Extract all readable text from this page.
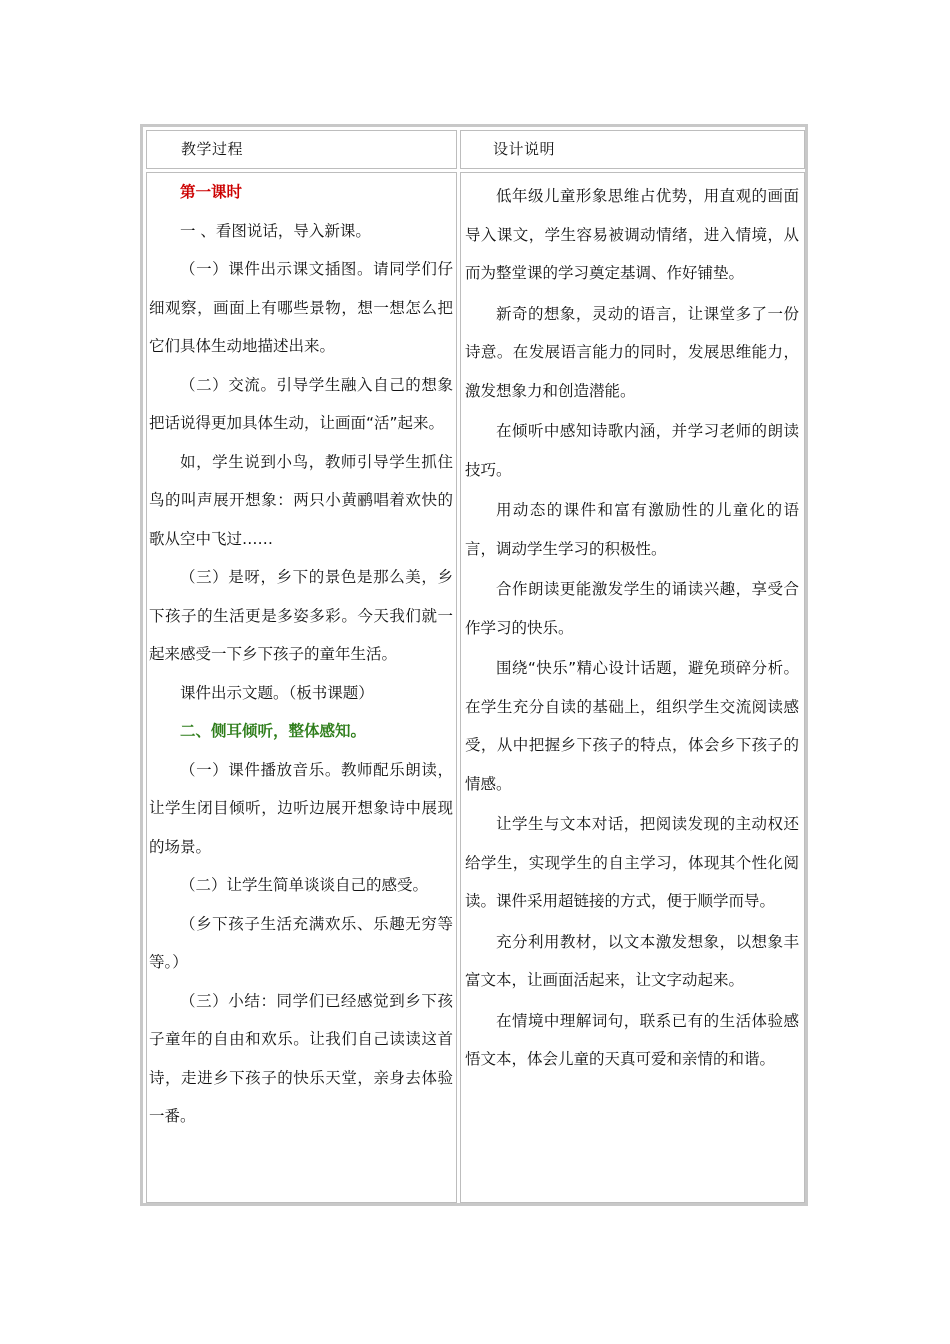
教学过程	设计说明

第一课时

一 、看图说话，导入新课。

（一）课件出示课文插图。请同学们仔细观察，画面上有哪些景物，想一想怎么把它们具体生动地描述出来。

（二）交流。引导学生融入自己的想象把话说得更加具体生动，让画面“活”起来。

如，学生说到小鸟，教师引导学生抓住鸟的叫声展开想象：两只小黄鹂唱着欢快的歌从空中飞过……

（三）是呀，乡下的景色是那么美，乡下孩子的生活更是多姿多彩。今天我们就一起来感受一下乡下孩子的童年生活。

课件出示文题。（板书课题）

二、侧耳倾听，整体感知。

（一）课件播放音乐。教师配乐朗读，让学生闭目倾听，边听边展开想象诗中展现的场景。

（二）让学生简单谈谈自己的感受。

（乡下孩子生活充满欢乐、乐趣无穷等等。）

（三）小结：同学们已经感觉到乡下孩子童年的自由和欢乐。让我们自己读读这首诗，走进乡下孩子的快乐天堂，亲身去体验一番。

低年级儿童形象思维占优势，用直观的画面导入课文，学生容易被调动情绪，进入情境，从而为整堂课的学习奠定基调、作好铺垫。

新奇的想象，灵动的语言，让课堂多了一份诗意。在发展语言能力的同时，发展思维能力，激发想象力和创造潜能。

在倾听中感知诗歌内涵，并学习老师的朗读技巧。

用动态的课件和富有激励性的儿童化的语言，调动学生学习的积极性。

合作朗读更能激发学生的诵读兴趣，享受合作学习的快乐。

围绕“快乐”精心设计话题，避免琐碎分析。在学生充分自读的基础上，组织学生交流阅读感受，从中把握乡下孩子的特点，体会乡下孩子的情感。

让学生与文本对话，把阅读发现的主动权还给学生，实现学生的自主学习，体现其个性化阅读。课件采用超链接的方式，便于顺学而导。

充分利用教材，以文本激发想象，以想象丰富文本，让画面活起来，让文字动起来。

在情境中理解词句，联系已有的生活体验感悟文本，体会儿童的天真可爱和亲情的和谐。
